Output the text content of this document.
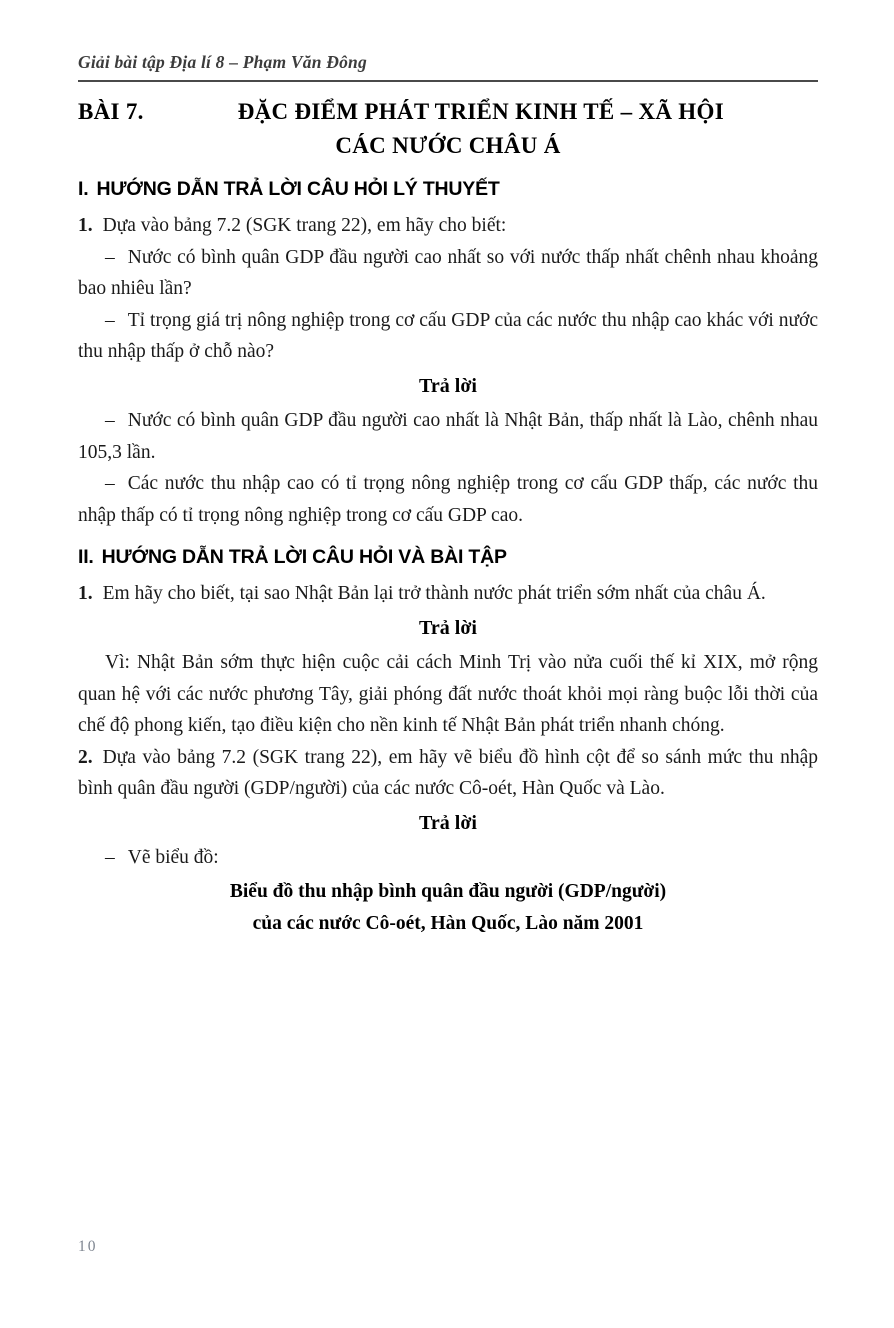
Giải bài tập Địa lí 8 – Phạm Văn Đông
BÀI 7.	ĐẶC ĐIỂM PHÁT TRIỂN KINH TẾ – XÃ HỘI
CÁC NƯỚC CHÂU Á
I. HƯỚNG DẪN TRẢ LỜI CÂU HỎI LÝ THUYẾT

1. Dựa vào bảng 7.2 (SGK trang 22), em hãy cho biết:

– Nước có bình quân GDP đầu người cao nhất so với nước thấp nhất chênh nhau khoảng bao nhiêu lần?

– Tỉ trọng giá trị nông nghiệp trong cơ cấu GDP của các nước thu nhập cao khác với nước thu nhập thấp ở chỗ nào?

Trả lời

– Nước có bình quân GDP đầu người cao nhất là Nhật Bản, thấp nhất là Lào, chênh nhau 105,3 lần.

– Các nước thu nhập cao có tỉ trọng nông nghiệp trong cơ cấu GDP thấp, các nước thu nhập thấp có tỉ trọng nông nghiệp trong cơ cấu GDP cao.

II. HƯỚNG DẪN TRẢ LỜI CÂU HỎI VÀ BÀI TẬP

1. Em hãy cho biết, tại sao Nhật Bản lại trở thành nước phát triển sớm nhất của châu Á.

Trả lời

Vì: Nhật Bản sớm thực hiện cuộc cải cách Minh Trị vào nửa cuối thế kỉ XIX, mở rộng quan hệ với các nước phương Tây, giải phóng đất nước thoát khỏi mọi ràng buộc lỗi thời của chế độ phong kiến, tạo điều kiện cho nền kinh tế Nhật Bản phát triển nhanh chóng.

2. Dựa vào bảng 7.2 (SGK trang 22), em hãy vẽ biểu đồ hình cột để so sánh mức thu nhập bình quân đầu người (GDP/người) của các nước Cô-oét, Hàn Quốc và Lào.

Trả lời

– Vẽ biểu đồ:

Biểu đồ thu nhập bình quân đầu người (GDP/người)
của các nước Cô-oét, Hàn Quốc, Lào năm 2001
10
